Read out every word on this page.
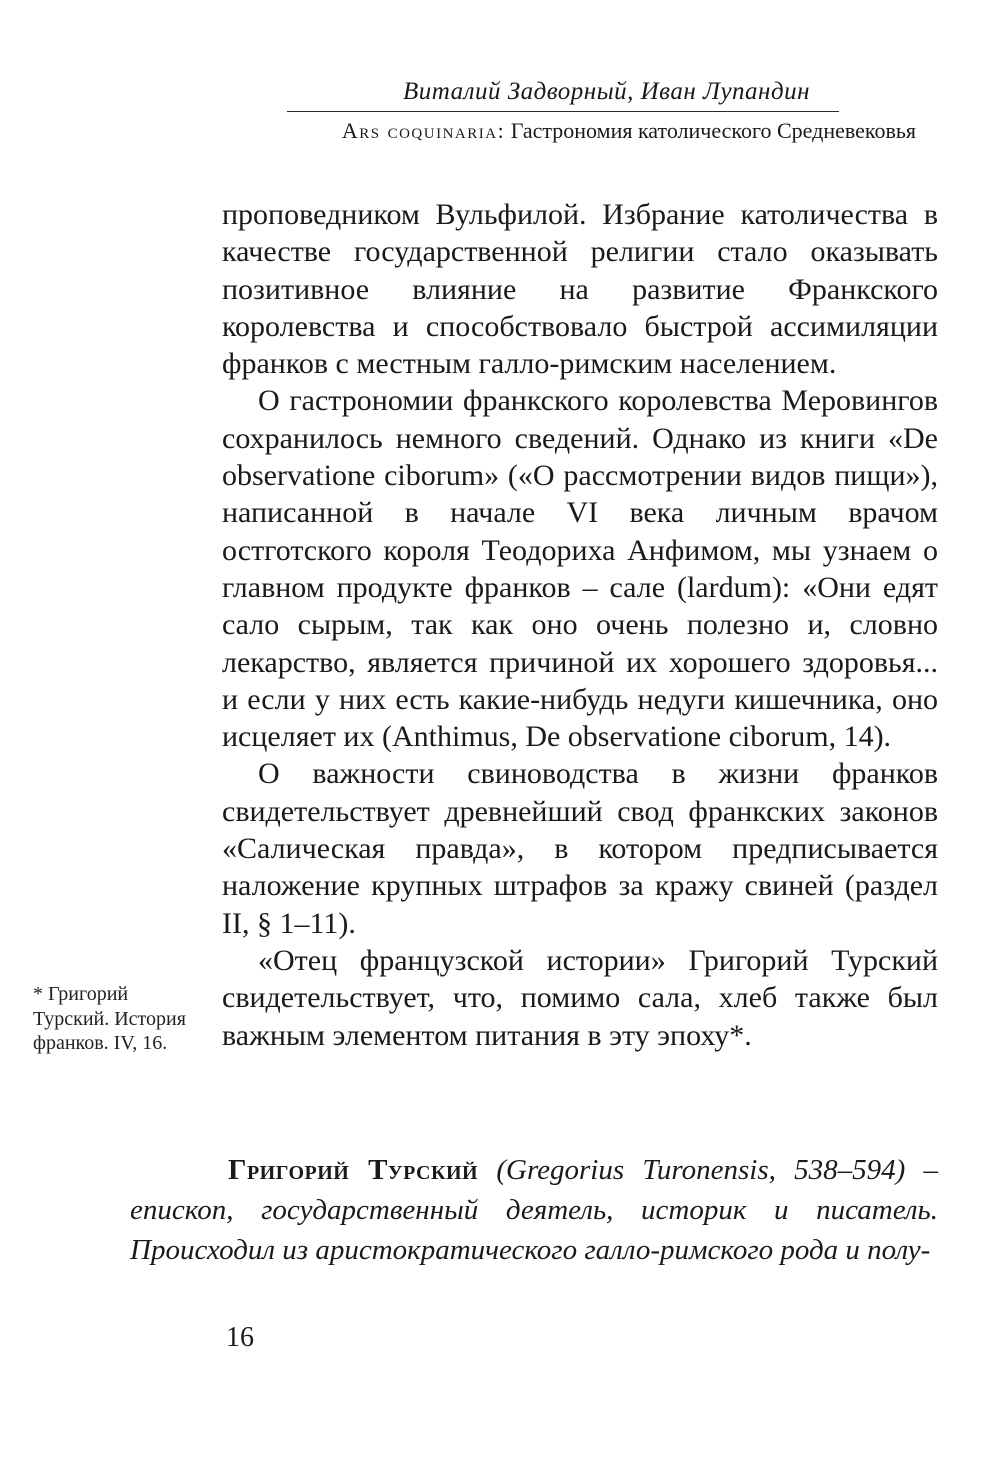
Виталий Задворный, Иван Лупандин
Ars coquinaria: Гастрономия католического Средневековья

проповедником Вульфилой. Избрание католичества в качестве государственной религии стало оказывать позитивное влияние на развитие Франкского королевства и способствовало быстрой ассимиляции франков с местным галло-римским населением.

О гастрономии франкского королевства Меровингов сохранилось немного сведений. Однако из книги «De observatione ciborum» («О рассмотрении видов пищи»), написанной в начале VI века личным врачом остготского короля Теодориха Анфимом, мы узнаем о главном продукте франков – сале (lardum): «Они едят сало сырым, так как оно очень полезно и, словно лекарство, является причиной их хорошего здоровья... и если у них есть какие-нибудь недуги кишечника, оно исцеляет их (Anthimus, De observatione ciborum, 14).

О важности свиноводства в жизни франков свидетельствует древнейший свод франкских законов «Салическая правда», в котором предписывается наложение крупных штрафов за кражу свиней (раздел II, § 1–11).

«Отец французской истории» Григорий Турский свидетельствует, что, помимо сала, хлеб также был важным элементом питания в эту эпоху*.

* Григорий Турский. История франков. IV, 16.
Григорий Турский (Gregorius Turonensis, 538–594) – епископ, государственный деятель, историк и писатель. Происходил из аристократического галло-римского рода и полу-
16
